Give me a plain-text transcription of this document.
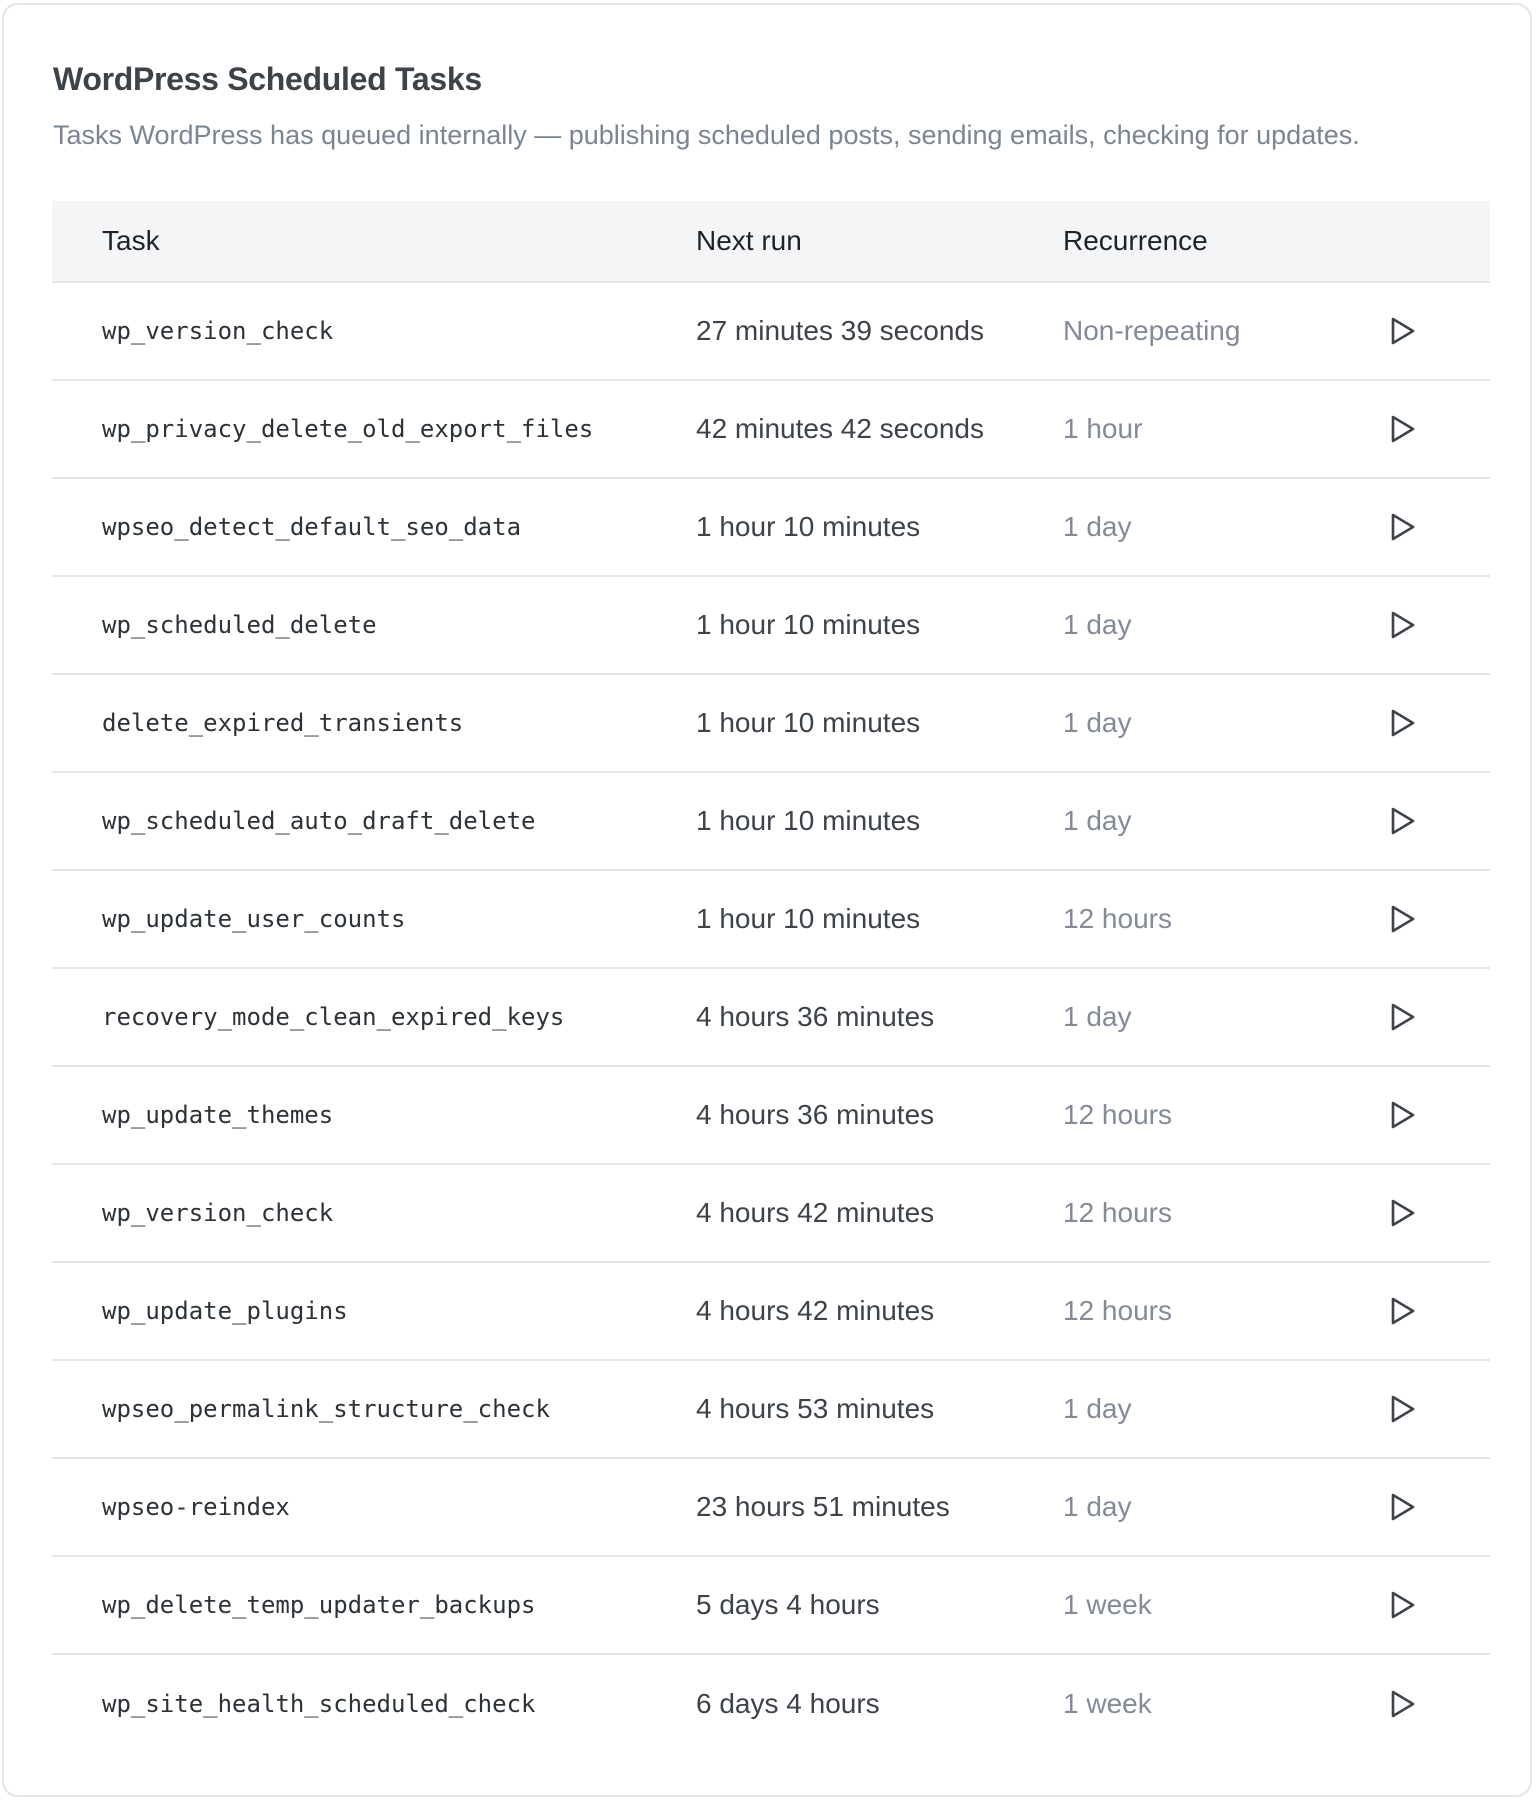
WordPress Scheduled Tasks

Tasks WordPress has queued internally — publishing scheduled posts, sending emails, checking for updates.

Task	Next run	Recurrence	
wp_version_check	27 minutes 39 seconds	Non-repeating	

wp_privacy_delete_old_export_files	42 minutes 42 seconds	1 hour	

wpseo_detect_default_seo_data	1 hour 10 minutes	1 day	

wp_scheduled_delete	1 hour 10 minutes	1 day	

delete_expired_transients	1 hour 10 minutes	1 day	

wp_scheduled_auto_draft_delete	1 hour 10 minutes	1 day	

wp_update_user_counts	1 hour 10 minutes	12 hours	

recovery_mode_clean_expired_keys	4 hours 36 minutes	1 day	

wp_update_themes	4 hours 36 minutes	12 hours	

wp_version_check	4 hours 42 minutes	12 hours	

wp_update_plugins	4 hours 42 minutes	12 hours	

wpseo_permalink_structure_check	4 hours 53 minutes	1 day	

wpseo-reindex	23 hours 51 minutes	1 day	

wp_delete_temp_updater_backups	5 days 4 hours	1 week	

wp_site_health_scheduled_check	6 days 4 hours	1 week	
